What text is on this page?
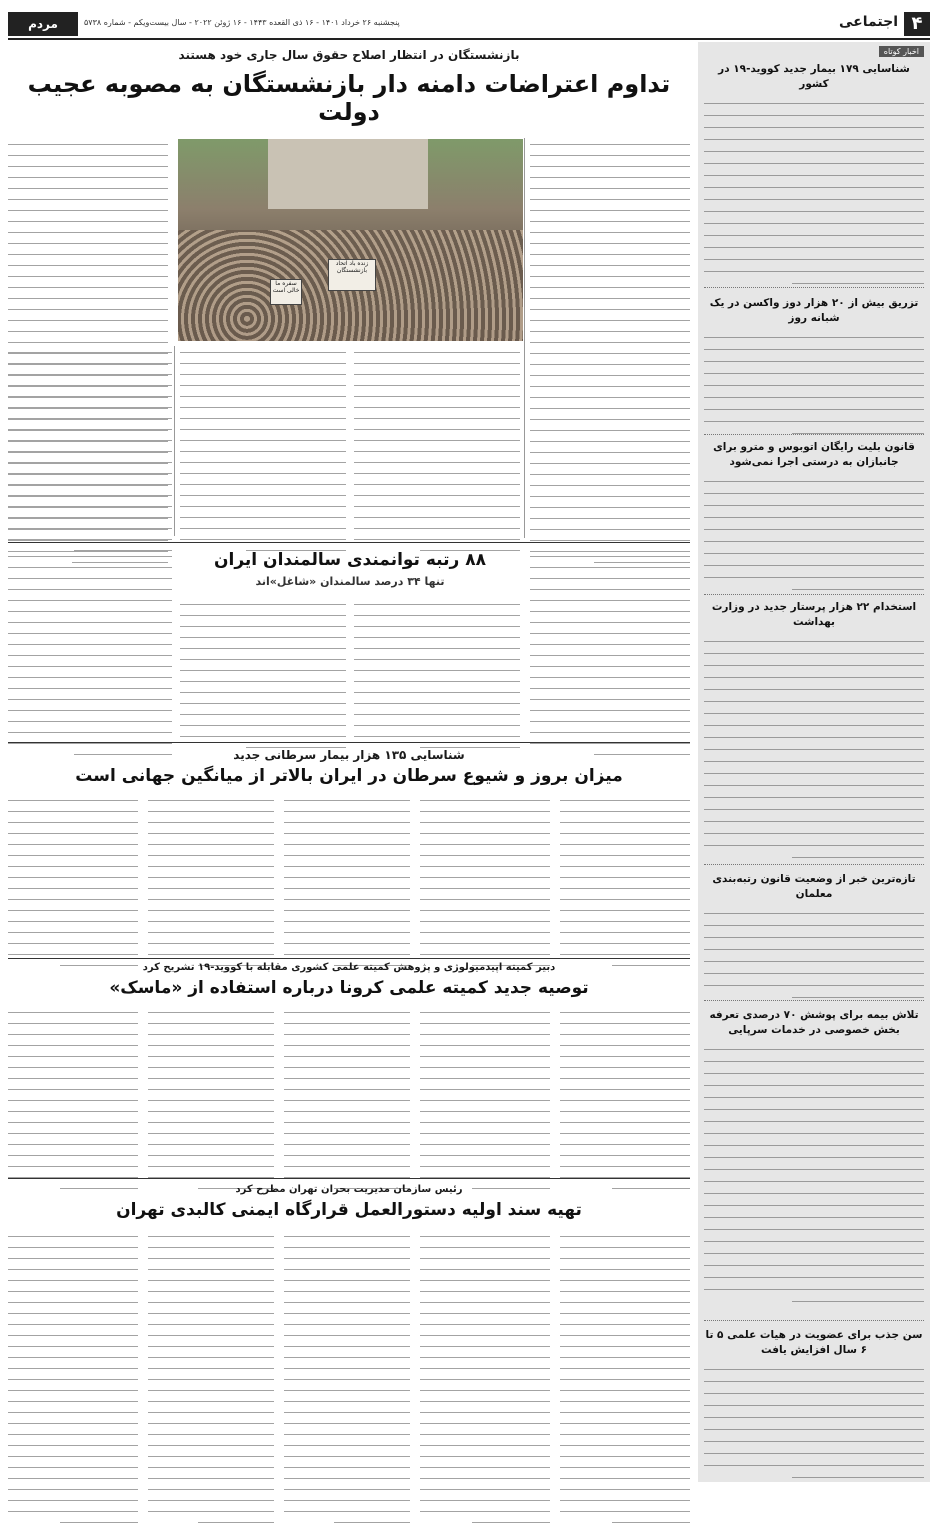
۴
اجتماعی
مردم سالاری
پنجشنبه ۲۶ خرداد ۱۴۰۱ - ۱۶ ذی القعده ۱۴۴۳ - ۱۶ ژوئن ۲۰۲۲ - سال بیست‌ویکم - شماره ۵۷۳۸
اخبار کوتاه
شناسایی ۱۷۹ بیمار جدید کووید-۱۹ در کشور
تزریق بیش از ۲۰ هزار دوز واکسن در یک شبانه روز
قانون بلیت رایگان اتوبوس و مترو برای جانبازان به درستی اجرا نمی‌شود
استخدام ۲۲ هزار پرستار جدید در وزارت بهداشت
تازه‌ترین خبر از وضعیت قانون رتبه‌بندی معلمان
تلاش بیمه برای پوشش ۷۰ درصدی تعرفه بخش خصوصی در خدمات سرپایی
سن جذب برای عضویت در هیات علمی ۵ تا ۶ سال افزایش یافت
بازنشستگان در انتظار اصلاح حقوق سال جاری خود هستند
تداوم اعتراضات دامنه دار بازنشستگان به مصوبه عجیب دولت
زنده باد اتحاد بازنشستگان
سفره ما خالی است
۸۸ رتبه توانمندی سالمندان ایران
تنها ۳۴ درصد سالمندان «شاغل»اند
شناسایی ۱۳۵ هزار بیمار سرطانی جدید
میزان بروز و شیوع سرطان در ایران بالاتر از میانگین جهانی است
دبیر کمیته اپیدمیولوژی و پژوهش کمیته علمی کشوری مقابله با کووید-۱۹ تشریح کرد
توصیه جدید کمیته علمی کرونا درباره استفاده از «ماسک»
رئیس سازمان مدیریت بحران تهران مطرح کرد
تهیه سند اولیه دستورالعمل قرارگاه ایمنی کالبدی تهران
